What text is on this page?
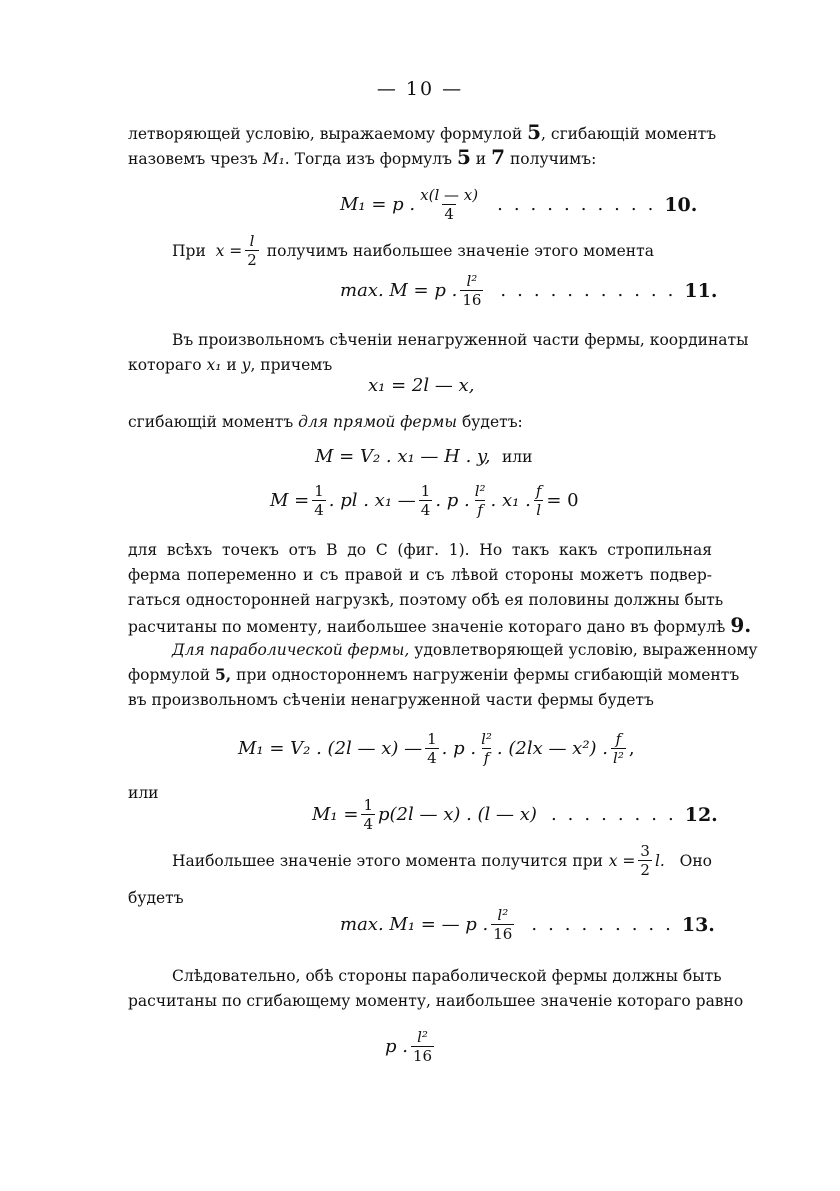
— 10 —
летворяющей условію, выражаемому формулой 5, сгибающій моментъ
назовемъ чрезъ M₁. Тогда изъ формулъ 5 и 7 получимъ:
M₁ = p . $\frac{x(l — x)}{4}$ .......... 10.
При
$x = \frac{l}{2}$
получимъ наибольшее значеніе этого момента
max. M = p . $\frac{\text{l²}}{16}$ ........... 11.
Въ произвольномъ сѣченіи ненагруженной части фермы, координаты
котораго x₁ и y, причемъ
x₁ = 2l — x,
сгибающій моментъ для прямой фермы будетъ:
M = V₂ . x₁ — H . y,
или
$M = \frac{1}{4}$ . pl . x₁ — $\frac{1}{4}$ . p . $\frac{\text{l²}}{f}$ . x₁ . $\frac{f}{l} = 0$
для всѣхъ точекъ отъ B до C (фиг. 1). Но такъ какъ стропильная
ферма попеременно и съ правой и съ лѣвой стороны можетъ подвер-
гаться односторонней нагрузкѣ, поэтому обѣ ея половины должны быть
расчитаны по моменту, наибольшее значеніе котораго дано въ формулѣ 9.
Для параболической фермы, удовлетворяющей условію, выраженному
формулой 5, при одностороннемъ нагруженіи фермы сгибающій моментъ
въ произвольномъ сѣченіи ненагруженной части фермы будетъ
M₁ = V₂ . (2l — x) — $\frac{1}{4}$ . p . $\frac{\text{l²}}{f}$ . (2lx — x²) . $\frac{f}{\text{l²}}$ ,
или
$M_1 = \frac{1}{4} p(2l$ — x) . (l — x) ........ 12.
Наибольшее значеніе этого момента получится при $x = \frac{3}{2} l$.
Оно
будетъ
max. M₁ = — p . $\frac{\text{l²}}{16}$ ......... 13.
Слѣдовательно, обѣ стороны параболической фермы должны быть
расчитаны по сгибающему моменту, наибольшее значеніе котораго равно
p . $\frac{\text{l²}}{16}$
